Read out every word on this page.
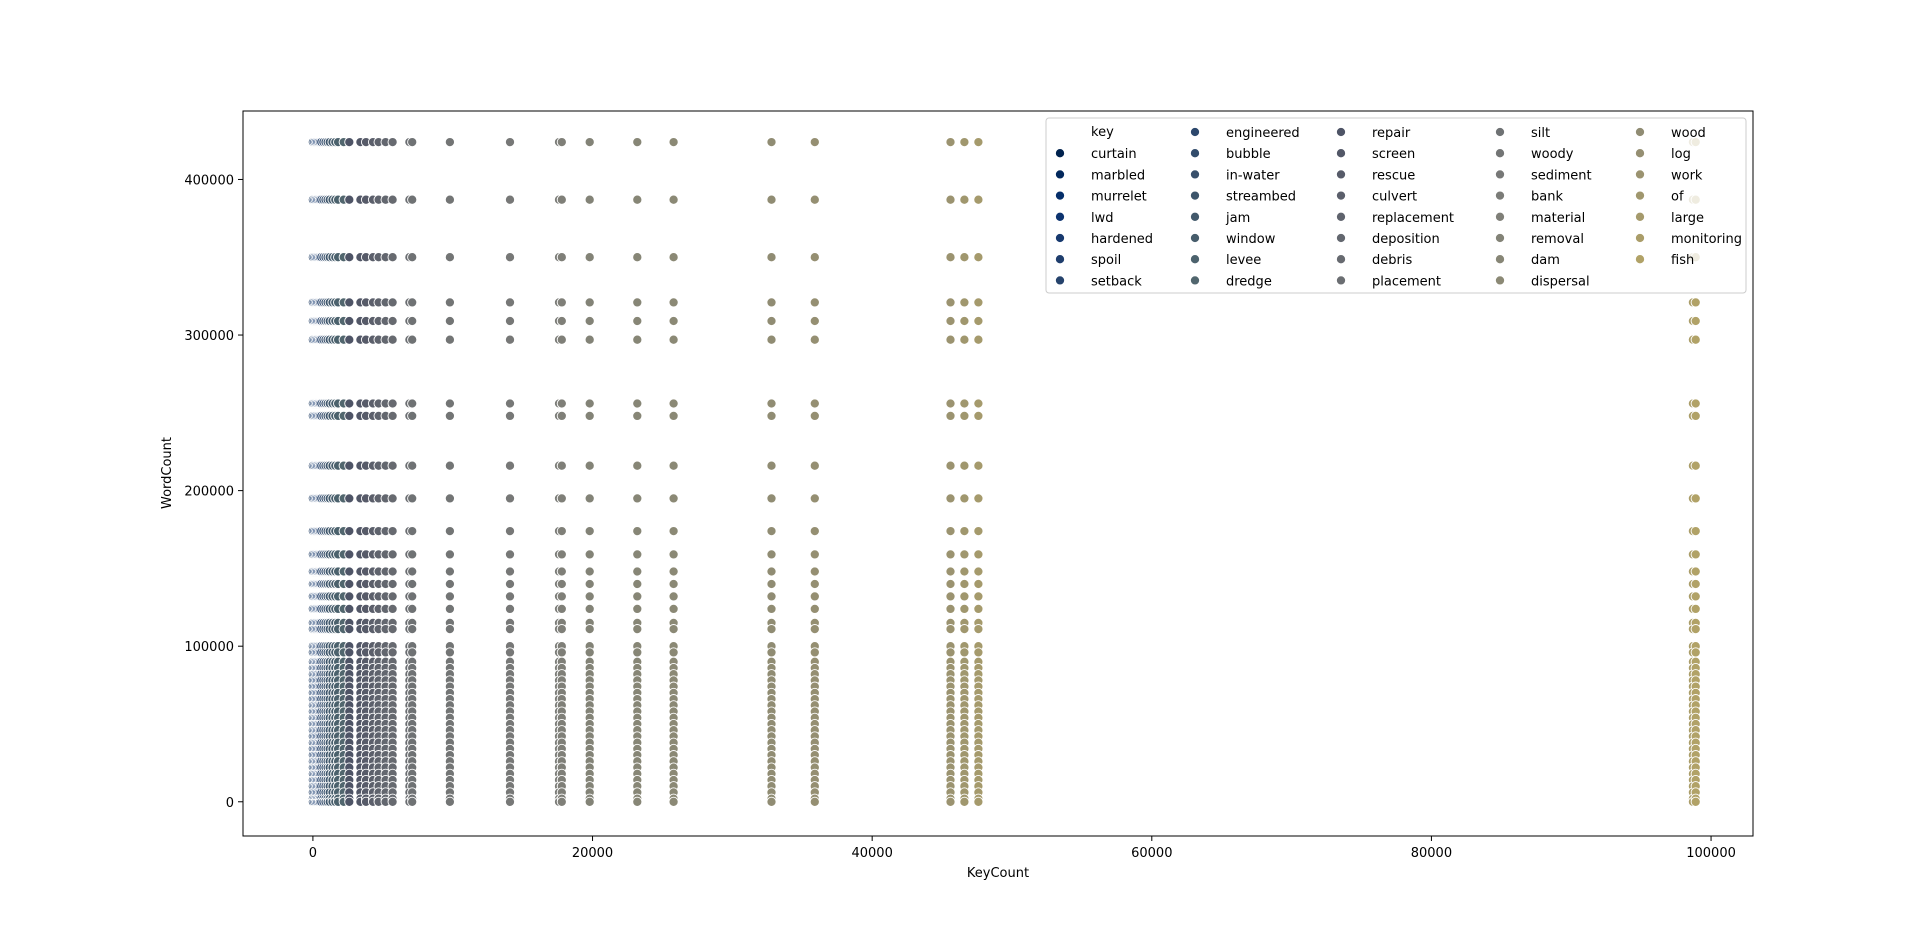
0	20000	40000	60000	80000	100000
0
100000
200000
300000
400000
KeyCount
WordCount
key
curtain
marbled
murrelet
lwd
hardened
spoil
setback
engineered
bubble
in-water
streambed
jam
window
levee
dredge
repair
screen
rescue
culvert
replacement
deposition
debris
placement
silt
woody
sediment
bank
material
removal
dam
dispersal
wood
log
work
of
large
monitoring
fish
